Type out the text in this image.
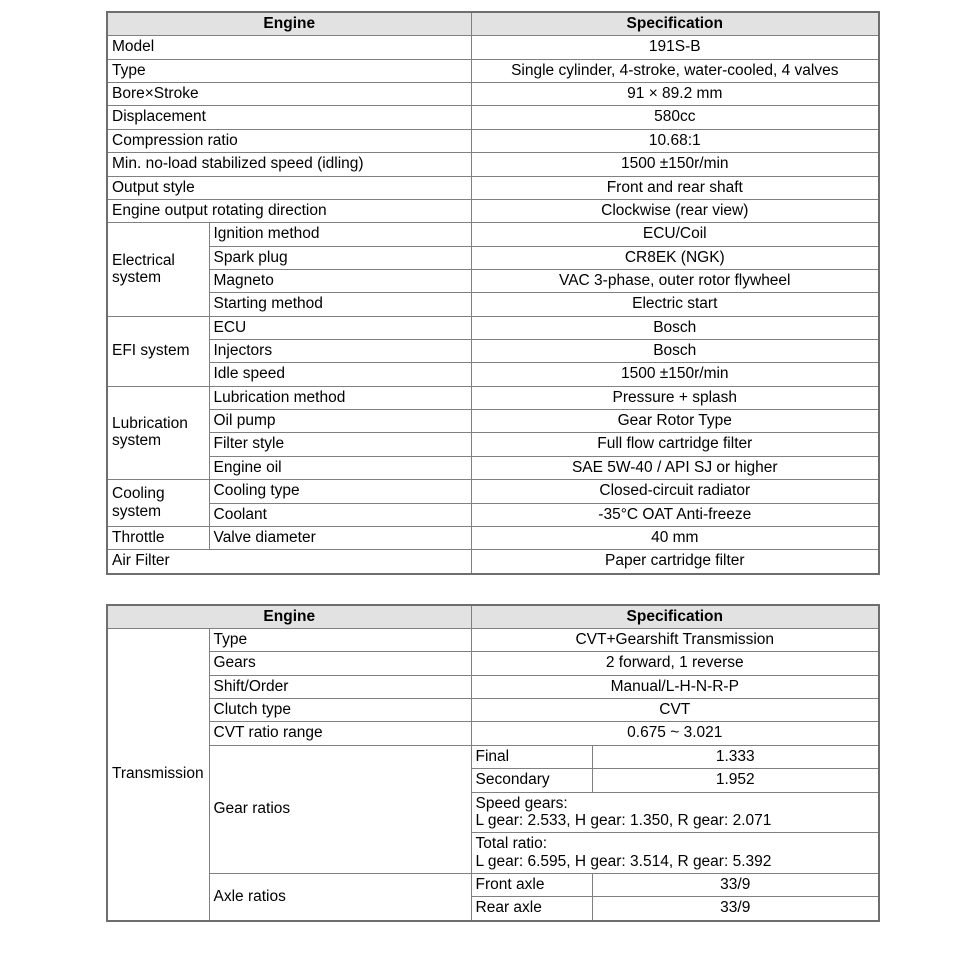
Engine		Specification
Model		191S-B
Type		Single cylinder, 4-stroke, water-cooled, 4 valves
Bore×Stroke		91 × 89.2 mm
Displacement		580cc
Compression ratio		10.68:1
Min. no-load stabilized speed (idling)		1500 ±150r/min
Output style		Front and rear shaft
Engine output rotating direction		Clockwise (rear view)
Electrical system	Ignition method	ECU/Coil
	Spark plug	CR8EK (NGK)
	Magneto	VAC 3-phase, outer rotor flywheel
	Starting method	Electric start
EFI system	ECU	Bosch
	Injectors	Bosch
	Idle speed	1500 ±150r/min
Lubrication system	Lubrication method	Pressure + splash
	Oil pump	Gear Rotor Type
	Filter style	Full flow cartridge filter
	Engine oil	SAE 5W-40 / API SJ or higher
Cooling system	Cooling type	Closed-circuit radiator
	Coolant	-35°C OAT Anti-freeze
Throttle	Valve diameter	40 mm
Air Filter		Paper cartridge filter
Engine		Specification	
Transmission	Type	CVT+Gearshift Transmission	
	Gears	2 forward, 1 reverse	
	Shift/Order	Manual/L-H-N-R-P	
	Clutch type	CVT	
	CVT ratio range	0.675 ~ 3.021	
	Gear ratios	Final	1.333
		Secondary	1.952

		Speed gears:
L gear: 2.533, H gear: 1.350, R gear: 2.071	

		Total ratio:
L gear: 6.595, H gear: 3.514, R gear: 5.392	

	Axle ratios	Front axle	33/9
		Rear axle	33/9
